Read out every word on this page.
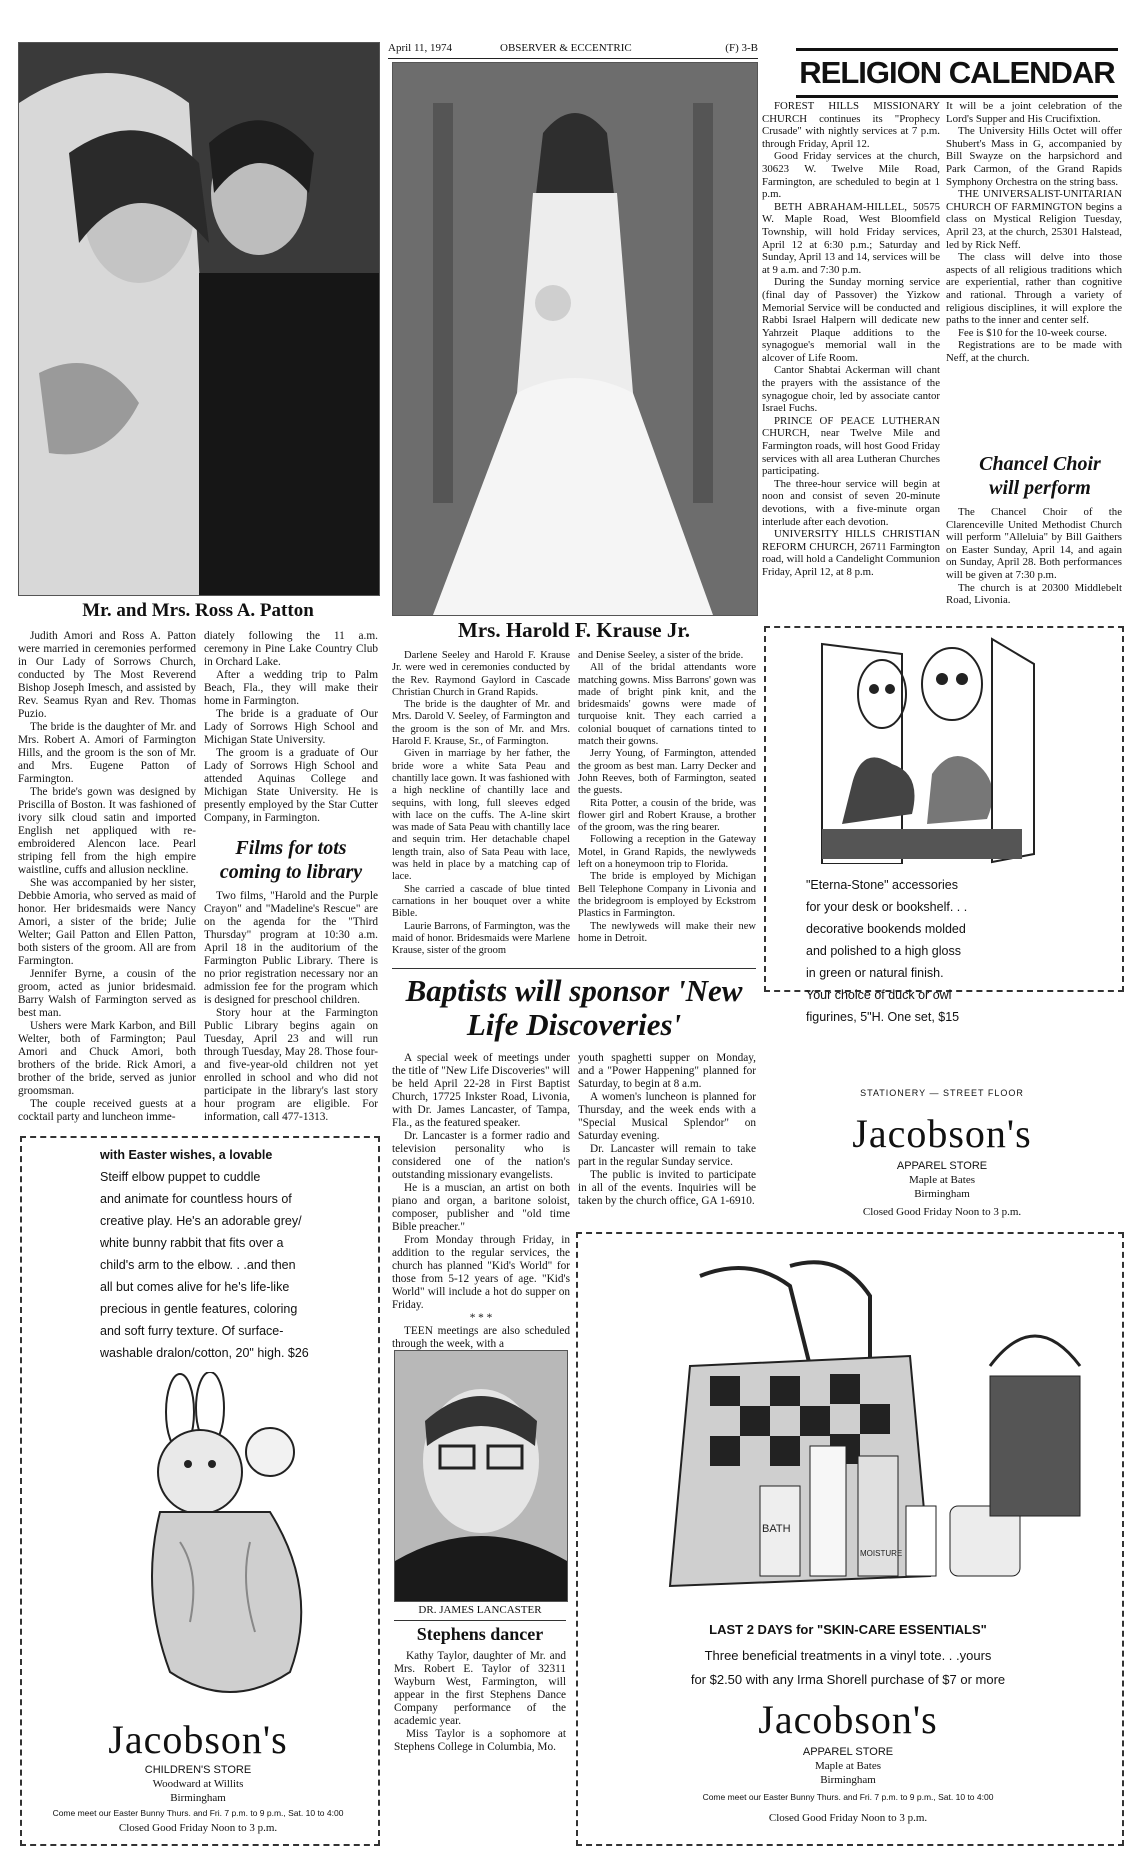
April 11, 1974	OBSERVER & ECCENTRIC	(F) 3-B
Mr. and Mrs. Ross A. Patton

Judith Amori and Ross A. Patton were married in ceremonies performed in Our Lady of Sorrows Church, conducted by The Most Reverend Bishop Joseph Imesch, and assisted by Rev. Seamus Ryan and Rev. Thomas Puzio.

The bride is the daughter of Mr. and Mrs. Robert A. Amori of Farmington Hills, and the groom is the son of Mr. and Mrs. Eugene Patton of Farmington.

The bride's gown was designed by Priscilla of Boston. It was fashioned of ivory silk cloud satin and imported English net appliqued with re-embroidered Alencon lace. Pearl striping fell from the high empire waistline, cuffs and allusion neckline.

She was accompanied by her sister, Debbie Amoria, who served as maid of honor. Her bridesmaids were Nancy Amori, a sister of the bride; Julie Welter; Gail Patton and Ellen Patton, both sisters of the groom. All are from Farmington.

Jennifer Byrne, a cousin of the groom, acted as junior bridesmaid. Barry Walsh of Farmington served as best man.

Ushers were Mark Karbon, and Bill Welter, both of Farmington; Paul Amori and Chuck Amori, both brothers of the bride. Rick Amori, a brother of the bride, served as junior groomsman.

The couple received guests at a cocktail party and luncheon imme-

diately following the 11 a.m. ceremony in Pine Lake Country Club in Orchard Lake.

After a wedding trip to Palm Beach, Fla., they will make their home in Farmington.

The bride is a graduate of Our Lady of Sorrows High School and Michigan State University.

The groom is a graduate of Our Lady of Sorrows High School and attended Aquinas College and Michigan State University. He is presently employed by the Star Cutter Company, in Farmington.

Films for tots coming to library

Two films, "Harold and the Purple Crayon" and "Madeline's Rescue" are on the agenda for the "Third Thursday" program at 10:30 a.m. April 18 in the auditorium of the Farmington Public Library. There is no prior registration necessary nor an admission fee for the program which is designed for preschool children.

Story hour at the Farmington Public Library begins again on Tuesday, April 23 and will run through Tuesday, May 28. Those four-and five-year-old children not yet enrolled in school and who did not participate in the library's last story hour program are eligible. For information, call 477-1313.

Mrs. Harold F. Krause Jr.

Darlene Seeley and Harold F. Krause Jr. were wed in ceremonies conducted by the Rev. Raymond Gaylord in Cascade Christian Church in Grand Rapids.

The bride is the daughter of Mr. and Mrs. Darold V. Seeley, of Farmington and the groom is the son of Mr. and Mrs. Harold F. Krause, Sr., of Farmington.

Given in marriage by her father, the bride wore a white Sata Peau and chantilly lace gown. It was fashioned with a high neckline of chantilly lace and sequins, with long, full sleeves edged with lace on the cuffs. The A-line skirt was made of Sata Peau with chantilly lace and sequin trim. Her detachable chapel length train, also of Sata Peau with lace, was held in place by a matching cap of lace.

She carried a cascade of blue tinted carnations in her bouquet over a white Bible.

Laurie Barrons, of Farmington, was the maid of honor. Bridesmaids were Marlene Krause, sister of the groom

and Denise Seeley, a sister of the bride.

All of the bridal attendants wore matching gowns. Miss Barrons' gown was made of bright pink knit, and the bridesmaids' gowns were made of turquoise knit. They each carried a colonial bouquet of carnations tinted to match their gowns.

Jerry Young, of Farmington, attended the groom as best man. Larry Decker and John Reeves, both of Farmington, seated the guests.

Rita Potter, a cousin of the bride, was flower girl and Robert Krause, a brother of the groom, was the ring bearer.

Following a reception in the Gateway Motel, in Grand Rapids, the newlyweds left on a honeymoon trip to Florida.

The bride is employed by Michigan Bell Telephone Company in Livonia and the bridegroom is employed by Eckstrom Plastics in Farmington.

The newlyweds will make their new home in Detroit.

Baptists will sponsor 'New Life Discoveries'

A special week of meetings under the title of "New Life Discoveries" will be held April 22-28 in First Baptist Church, 17725 Inkster Road, Livonia, with Dr. James Lancaster, of Tampa, Fla., as the featured speaker.

Dr. Lancaster is a former radio and television personality who is considered one of the nation's outstanding missionary evangelists.

He is a muscian, an artist on both piano and organ, a baritone soloist, composer, publisher and "old time Bible preacher."

From Monday through Friday, in addition to the regular services, the church has planned "Kid's World" for those from 5-12 years of age. "Kid's World" will include a hot do supper on Friday.

* * *

TEEN meetings are also scheduled through the week, with a

youth spaghetti supper on Monday, and a "Power Happening" planned for Saturday, to begin at 8 a.m.

A women's luncheon is planned for Thursday, and the week ends with a "Special Musical Splendor" on Saturday evening.

Dr. Lancaster will remain to take part in the regular Sunday service.

The public is invited to participate in all of the events. Inquiries will be taken by the church office, GA 1-6910.

DR. JAMES LANCASTER
Stephens dancer

Kathy Taylor, daughter of Mr. and Mrs. Robert E. Taylor of 32311 Wayburn West, Farmington, will appear in the first Stephens Dance Company performance of the academic year.

Miss Taylor is a sophomore at Stephens College in Columbia, Mo.

RELIGION CALENDAR

FOREST HILLS MISSIONARY CHURCH continues its "Prophecy Crusade" with nightly services at 7 p.m. through Friday, April 12.

Good Friday services at the church, 30623 W. Twelve Mile Road, Farmington, are scheduled to begin at 1 p.m.

BETH ABRAHAM-HILLEL, 50575 W. Maple Road, West Bloomfield Township, will hold Friday services, April 12 at 6:30 p.m.; Saturday and Sunday, April 13 and 14, services will be at 9 a.m. and 7:30 p.m.

During the Sunday morning service (final day of Passover) the Yizkow Memorial Service will be conducted and Rabbi Israel Halpern will dedicate new Yahrzeit Plaque additions to the synagogue's memorial wall in the alcover of Life Room.

Cantor Shabtai Ackerman will chant the prayers with the assistance of the synagogue choir, led by associate cantor Israel Fuchs.

PRINCE OF PEACE LUTHERAN CHURCH, near Twelve Mile and Farmington roads, will host Good Friday services with all area Lutheran Churches participating.

The three-hour service will begin at noon and consist of seven 20-minute devotions, with a five-minute organ interlude after each devotion.

UNIVERSITY HILLS CHRISTIAN REFORM CHURCH, 26711 Farmington road, will hold a Candelight Communion Friday, April 12, at 8 p.m.

It will be a joint celebration of the Lord's Supper and His Crucifixtion.

The University Hills Octet will offer Shubert's Mass in G, accompanied by Bill Swayze on the harpsichord and Park Carmon, of the Grand Rapids Symphony Orchestra on the string bass.

THE UNIVERSALIST-UNITARIAN CHURCH OF FARMINGTON begins a class on Mystical Religion Tuesday, April 23, at the church, 25301 Halstead, led by Rick Neff.

The class will delve into those aspects of all religious traditions which are experiential, rather than cognitive and rational. Through a variety of religious disciplines, it will explore the paths to the inner and center self.

Fee is $10 for the 10-week course.

Registrations are to be made with Neff, at the church.

Chancel Choir will perform

The Chancel Choir of the Clarenceville United Methodist Church will perform "Alleluia" by Bill Gaithers on Easter Sunday, April 14, and again on Sunday, April 28. Both performances will be given at 7:30 p.m.

The church is at 20300 Middlebelt Road, Livonia.

"Eterna-Stone" accessories
for your desk or bookshelf. . .
decorative bookends molded
and polished to a high gloss
in green or natural finish.
Your choice of duck or owl
figurines, 5"H. One set, $15
STATIONERY — STREET FLOOR
Jacobson's
APPAREL STORE
Maple at Bates
Birmingham
Closed Good Friday Noon to 3 p.m.
with Easter wishes, a lovable
Steiff elbow puppet to cuddle
and animate for countless hours of
creative play. He's an adorable grey/
white bunny rabbit that fits over a
child's arm to the elbow. . .and then
all but comes alive for he's life-like
precious in gentle features, coloring
and soft furry texture. Of surface-
washable dralon/cotton, 20" high. $26
Jacobson's
CHILDREN'S STORE
Woodward at Willits
Birmingham
Come meet our Easter Bunny Thurs. and Fri. 7 p.m. to 9 p.m., Sat. 10 to 4:00
Closed Good Friday Noon to 3 p.m.
BATH
MOISTURE
LAST 2 DAYS for "SKIN-CARE ESSENTIALS"
Three beneficial treatments in a vinyl tote. . .yours
for $2.50 with any Irma Shorell purchase of $7 or more
Jacobson's
APPAREL STORE
Maple at Bates
Birmingham
Come meet our Easter Bunny Thurs. and Fri. 7 p.m. to 9 p.m., Sat. 10 to 4:00
Closed Good Friday Noon to 3 p.m.
